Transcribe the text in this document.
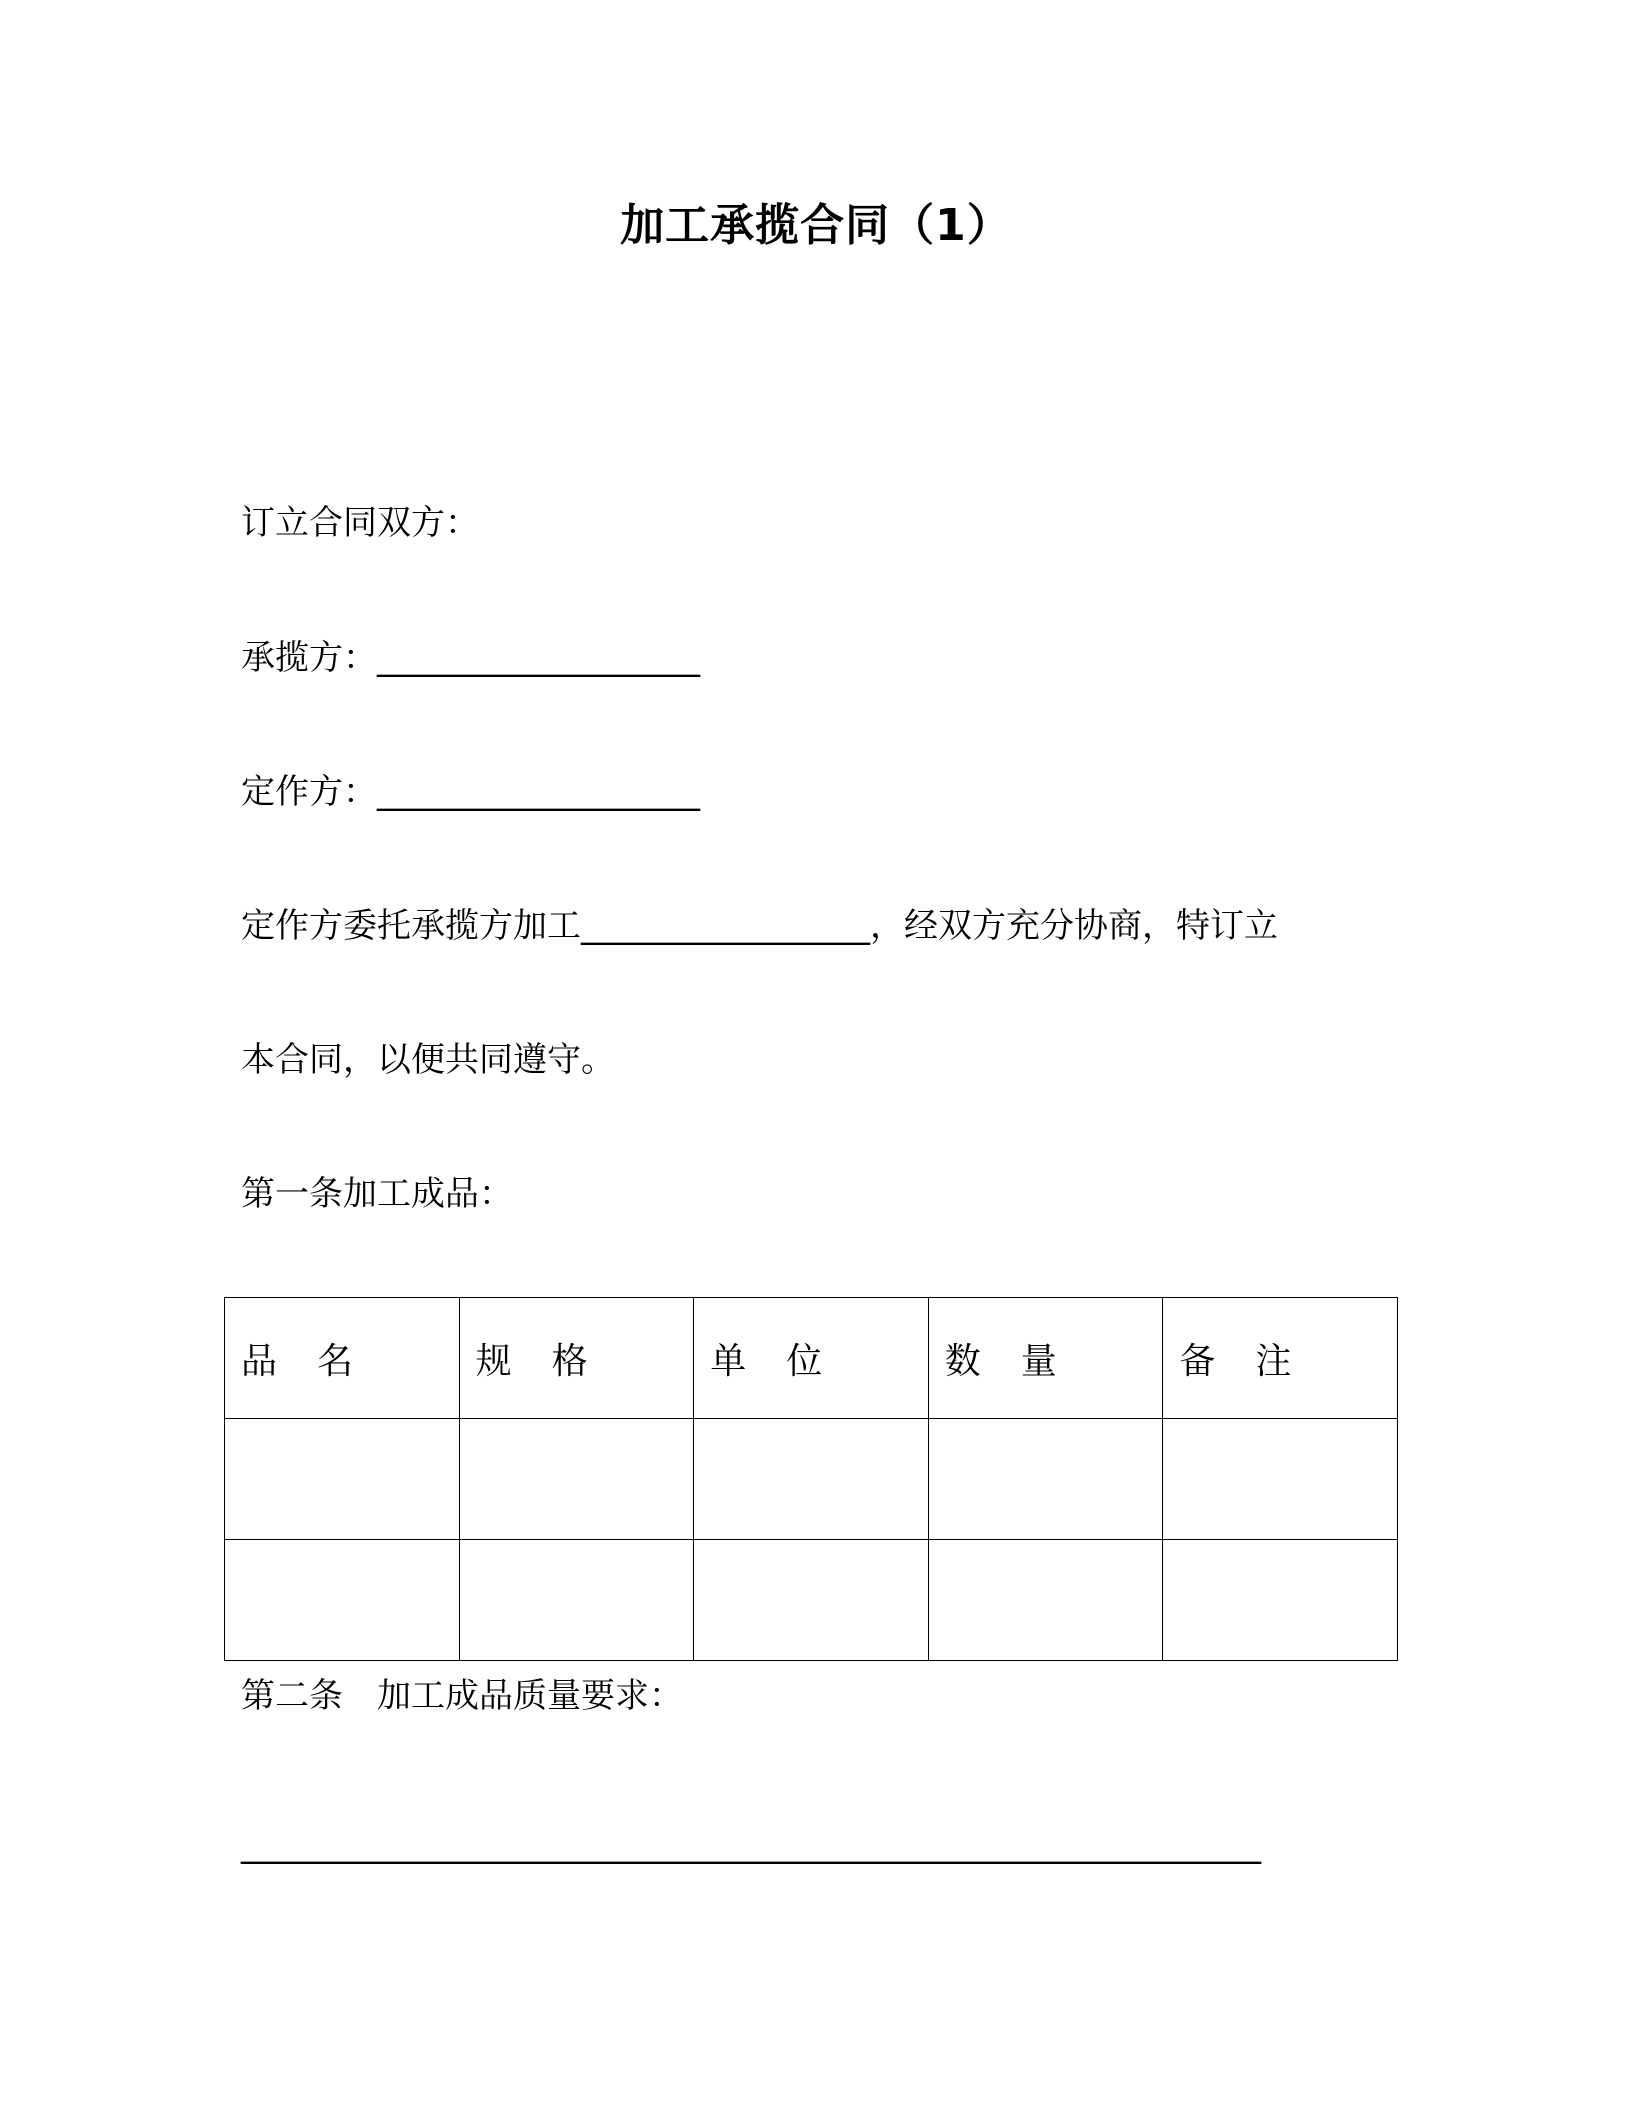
加工承揽合同（1）

订立合同双方：

承揽方：___________________

定作方：___________________

定作方委托承揽方加工_________________，经双方充分协商，特订立

本合同，以便共同遵守。

第一条加工成品：

品　名	规　格	单　位	数　量	备　注

第二条　加工成品质量要求：

____________________________________________________________
